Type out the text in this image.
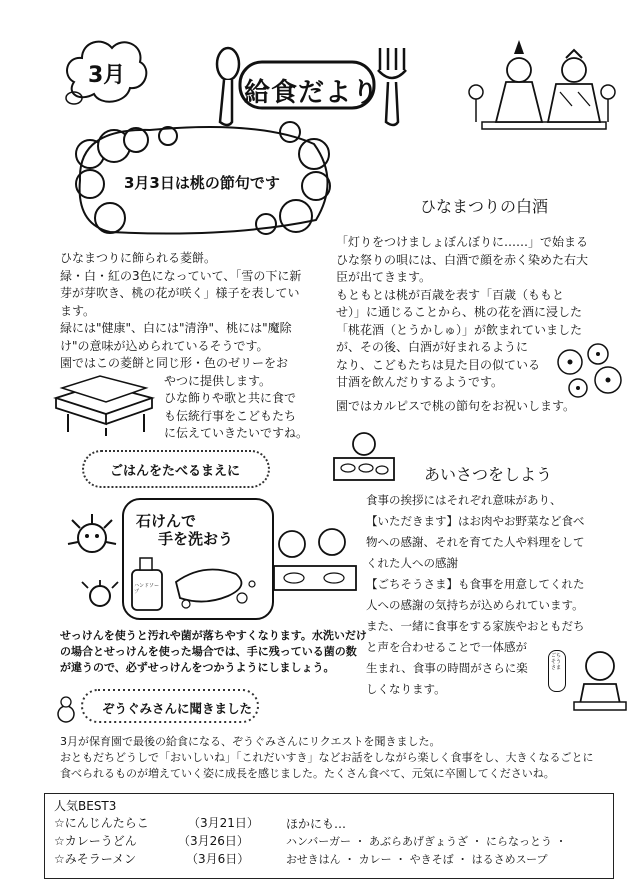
3月
給食だより
3月3日は桃の節句です
ひなまつりに飾られる菱餅。
緑・白・紅の3色になっていて、「雪の下に新
芽が芽吹き、桃の花が咲く」様子を表してい
ます。
緑には"健康"、白には"清浄"、桃には"魔除
け"の意味が込められているそうです。
園ではこの菱餅と同じ形・色のゼリーをお
やつに提供します。
ひな飾りや歌と共に食で
も伝統行事をこどもたち
に伝えていきたいですね。
ひなまつりの白酒
「灯りをつけましょぼんぼりに……」で始まる
ひな祭りの唄には、白酒で顔を赤く染めた右大
臣が出てきます。
もともとは桃が百歳を表す「百歳（ももと
せ）」に通じることから、桃の花を酒に浸した
「桃花酒（とうかしゅ）」が飲まれていました
が、その後、白酒が好まれるように
なり、こどもたちは見た目の似ている
甘酒を飲んだりするようです。
園ではカルピスで桃の節句をお祝いします。
ごはんをたべるまえに
石けんで
手を洗おう
ハンドソープ
せっけんを使うと汚れや菌が落ちやすくなります。水洗いだけ
の場合とせっけんを使った場合では、手に残っている菌の数
が違うので、必ずせっけんをつかうようにしましょう。
あいさつをしよう
食事の挨拶にはそれぞれ意味があり、
【いただきます】はお肉やお野菜など食べ
物への感謝、それを育てた人や料理をして
くれた人への感謝
【ごちそうさま】も食事を用意してくれた
人への感謝の気持ちが込められています。
また、一緒に食事をする家族やおともだち
と声を合わせることで一体感が
生まれ、食事の時間がさらに楽
しくなります。
ごちそうさま
ぞうぐみさんに聞きました
3月が保育園で最後の給食になる、ぞうぐみさんにリクエストを聞きました。
おともだちどうしで「おいしいね」「これだいすき」などお話をしながら楽しく食事をし、大きくなるごとに
食べられるものが増えていく姿に成長を感じました。たくさん食べて、元気に卒園してくださいね。
人気BEST3
☆にんじんたらこ	（3月21日）
☆カレーうどん	（3月26日）
☆みそラーメン	（3月6日）
ほかにも…
ハンバーガー ・ あぶらあげぎょうざ ・ にらなっとう ・
おせきはん ・ カレー ・ やきそば ・ はるさめスープ
